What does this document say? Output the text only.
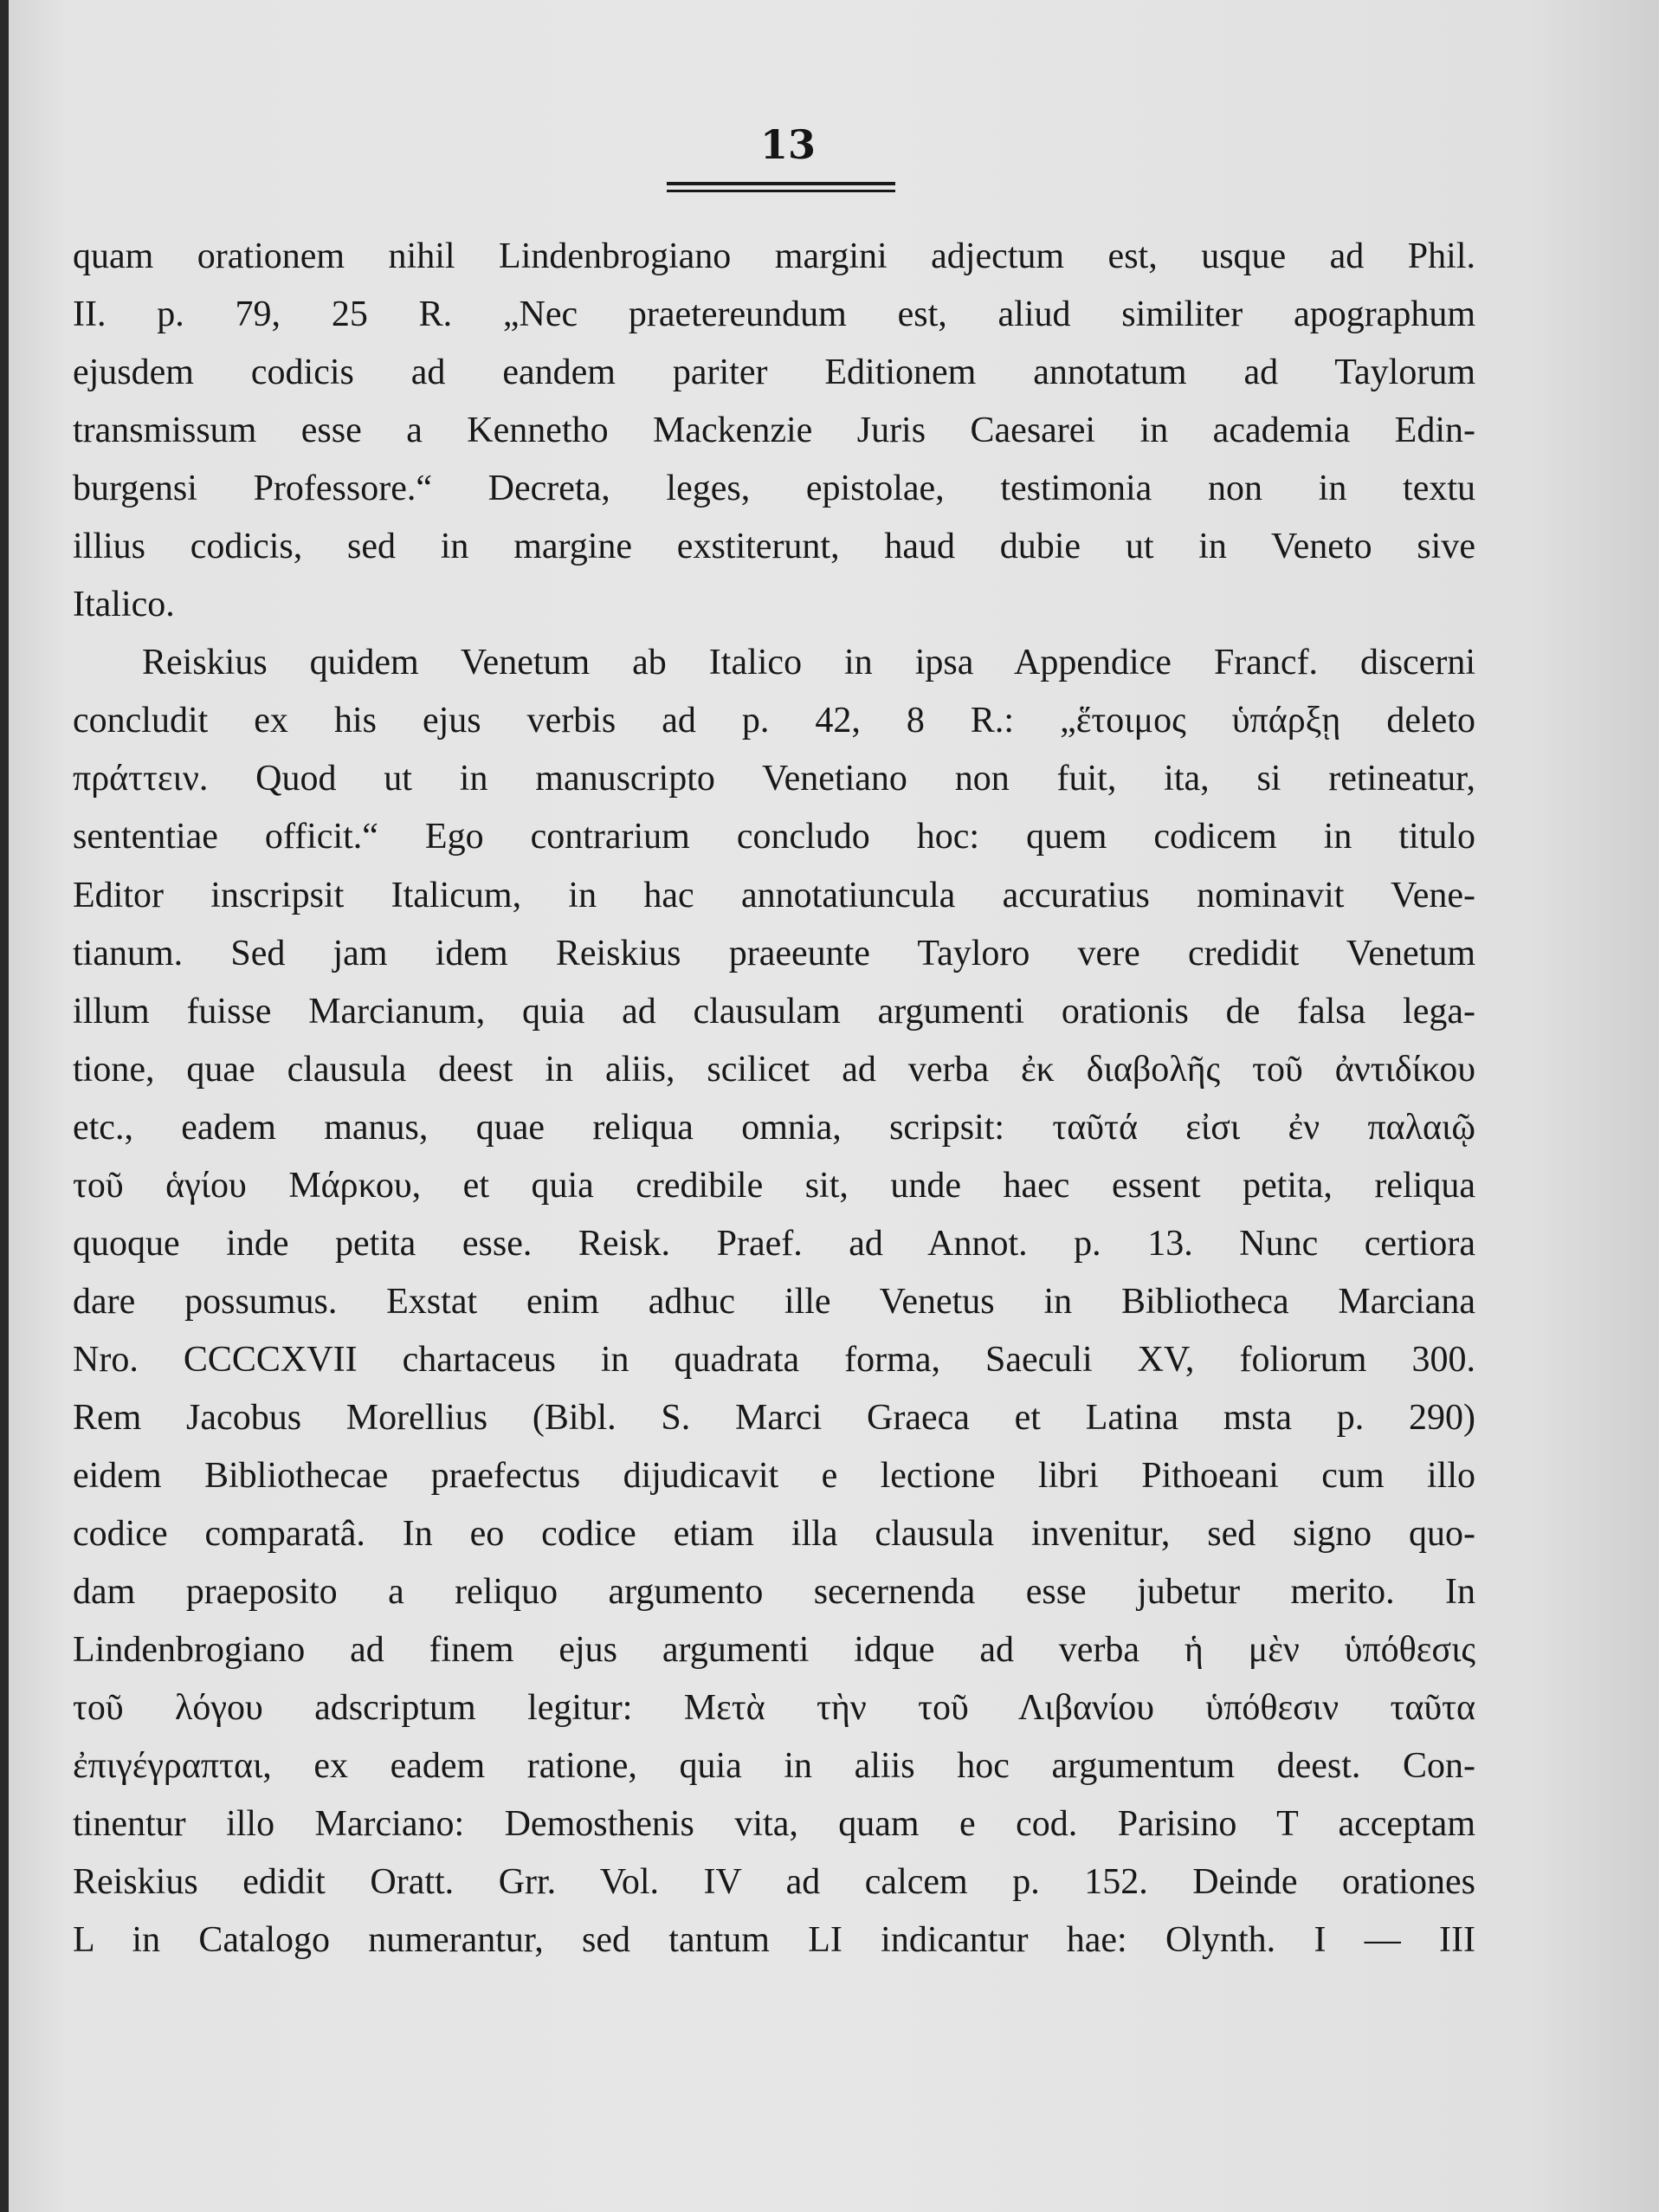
13
quam orationem nihil Lindenbrogiano margini adjectum est, usque ad Phil.
II. p. 79, 25 R. „Nec praetereundum est, aliud similiter apographum
ejusdem codicis ad eandem pariter Editionem annotatum ad Taylorum
transmissum esse a Kennetho Mackenzie Juris Caesarei in academia Edin-
burgensi Professore.“ Decreta, leges, epistolae, testimonia non in textu
illius codicis, sed in margine exstiterunt, haud dubie ut in Veneto sive
Italico.
Reiskius quidem Venetum ab Italico in ipsa Appendice Francf. discerni
concludit ex his ejus verbis ad p. 42, 8 R.: „ἕτοιμος ὑπάρξῃ deleto
πράττειν. Quod ut in manuscripto Venetiano non fuit, ita, si retineatur,
sententiae officit.“ Ego contrarium concludo hoc: quem codicem in titulo
Editor inscripsit Italicum, in hac annotatiuncula accuratius nominavit Vene-
tianum. Sed jam idem Reiskius praeeunte Tayloro vere credidit Venetum
illum fuisse Marcianum, quia ad clausulam argumenti orationis de falsa lega-
tione, quae clausula deest in aliis, scilicet ad verba ἐκ διαβολῆς τοῦ ἀντιδίκου
etc., eadem manus, quae reliqua omnia, scripsit: ταῦτά εἰσι ἐν παλαιῷ
τοῦ ἁγίου Μάρκου, et quia credibile sit, unde haec essent petita, reliqua
quoque inde petita esse. Reisk. Praef. ad Annot. p. 13. Nunc certiora
dare possumus. Exstat enim adhuc ille Venetus in Bibliotheca Marciana
Nro. CCCCXVII chartaceus in quadrata forma, Saeculi XV, foliorum 300.
Rem Jacobus Morellius (Bibl. S. Marci Graeca et Latina msta p. 290)
eidem Bibliothecae praefectus dijudicavit e lectione libri Pithoeani cum illo
codice comparatâ. In eo codice etiam illa clausula invenitur, sed signo quo-
dam praeposito a reliquo argumento secernenda esse jubetur merito. In
Lindenbrogiano ad finem ejus argumenti idque ad verba ἡ μὲν ὑπόθεσις
τοῦ λόγου adscriptum legitur: Μετὰ τὴν τοῦ Λιβανίου ὑπόθεσιν ταῦτα
ἐπιγέγραπται, ex eadem ratione, quia in aliis hoc argumentum deest. Con-
tinentur illo Marciano: Demosthenis vita, quam e cod. Parisino T acceptam
Reiskius edidit Oratt. Grr. Vol. IV ad calcem p. 152. Deinde orationes
L in Catalogo numerantur, sed tantum LI indicantur hae: Olynth. I — III
